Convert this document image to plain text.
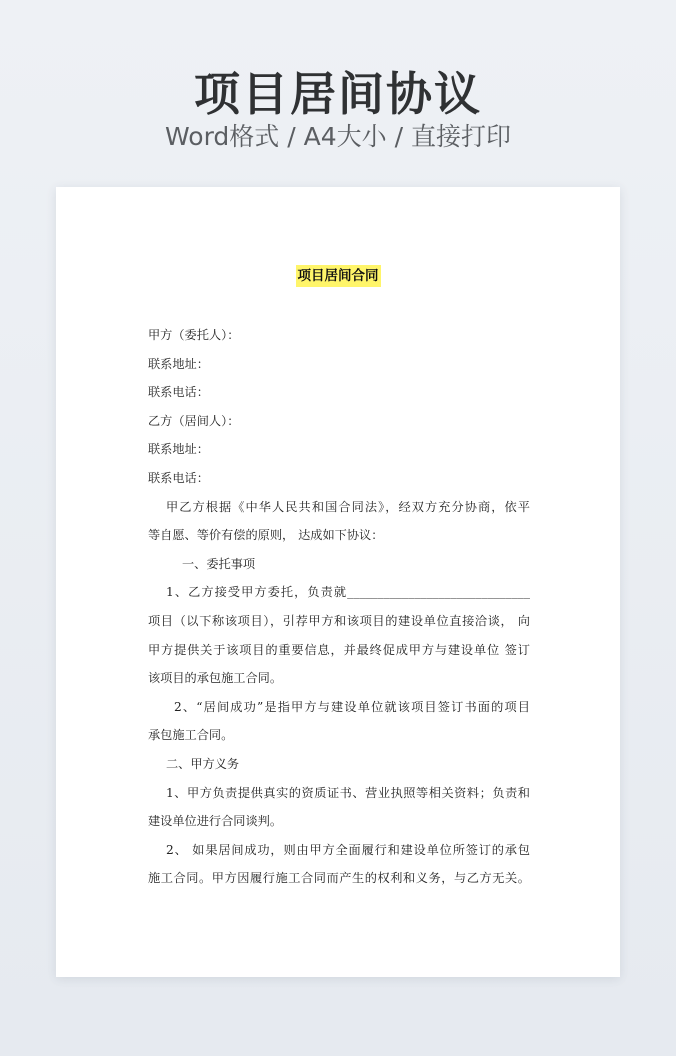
项目居间协议
Word格式 / A4大小 / 直接打印
项目居间合同
甲方（委托人）：
联系地址：
联系电话：
乙方（居间人）：
联系地址：
联系电话：
甲乙方根据《中华人民共和国合同法》，经双方充分协商，依平
等自愿、等价有偿的原则， 达成如下协议：
一、委托事项
1、乙方接受甲方委托，负责就______________________________
项目（以下称该项目），引荐甲方和该项目的建设单位直接洽谈， 向
甲方提供关于该项目的重要信息，并最终促成甲方与建设单位 签订
该项目的承包施工合同。
2、“居间成功”是指甲方与建设单位就该项目签订书面的项目
承包施工合同。
二、甲方义务
1、甲方负责提供真实的资质证书、营业执照等相关资料；负责和
建设单位进行合同谈判。
2、 如果居间成功，则由甲方全面履行和建设单位所签订的承包
施工合同。甲方因履行施工合同而产生的权利和义务，与乙方无关。
